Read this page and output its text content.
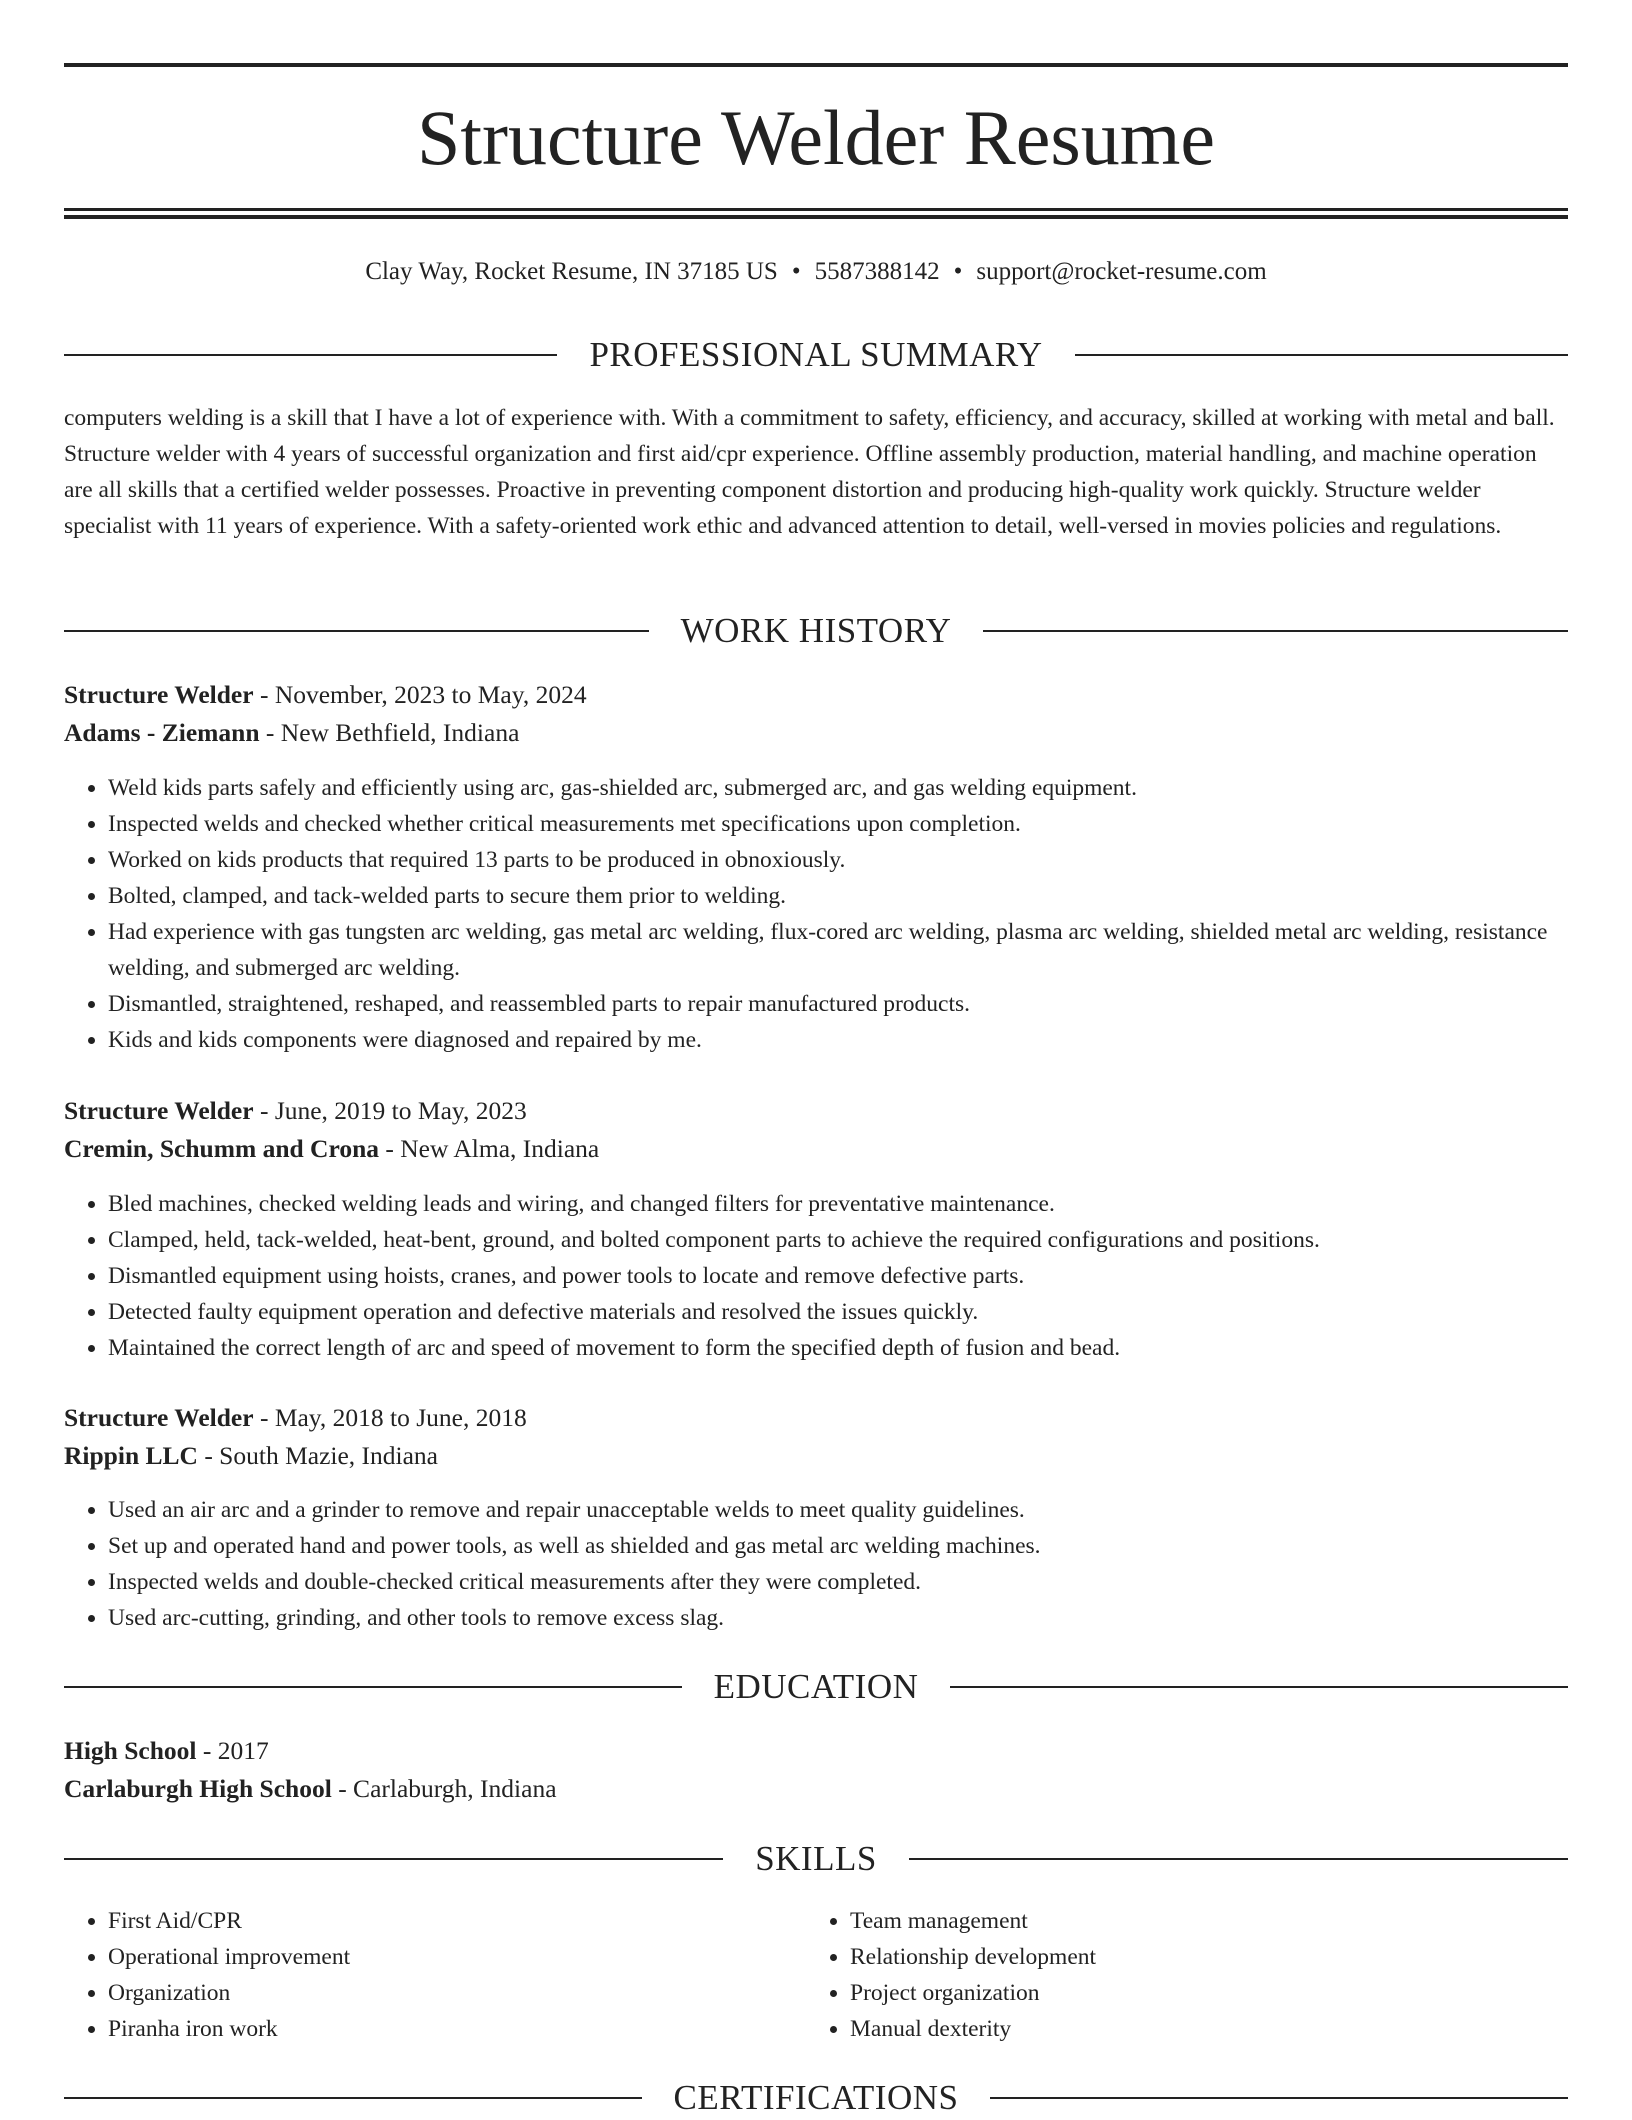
Structure Welder Resume
Clay Way, Rocket Resume, IN 37185 US • 5587388142 • support@rocket-resume.com
PROFESSIONAL SUMMARY

computers welding is a skill that I have a lot of experience with. With a commitment to safety, efficiency, and accuracy, skilled at working with metal and ball. Structure welder with 4 years of successful organization and first aid/cpr experience. Offline assembly production, material handling, and machine operation are all skills that a certified welder possesses. Proactive in preventing component distortion and producing high-quality work quickly. Structure welder specialist with 11 years of experience. With a safety-oriented work ethic and advanced attention to detail, well-versed in movies policies and regulations.

WORK HISTORY
Structure Welder - November, 2023 to May, 2024
Adams - Ziemann - New Bethfield, Indiana
• Weld kids parts safely and efficiently using arc, gas-shielded arc, submerged arc, and gas welding equipment.
• Inspected welds and checked whether critical measurements met specifications upon completion.
• Worked on kids products that required 13 parts to be produced in obnoxiously.
• Bolted, clamped, and tack-welded parts to secure them prior to welding.
• Had experience with gas tungsten arc welding, gas metal arc welding, flux-cored arc welding, plasma arc welding, shielded metal arc welding, resistance welding, and submerged arc welding.
• Dismantled, straightened, reshaped, and reassembled parts to repair manufactured products.
• Kids and kids components were diagnosed and repaired by me.
Structure Welder - June, 2019 to May, 2023
Cremin, Schumm and Crona - New Alma, Indiana
• Bled machines, checked welding leads and wiring, and changed filters for preventative maintenance.
• Clamped, held, tack-welded, heat-bent, ground, and bolted component parts to achieve the required configurations and positions.
• Dismantled equipment using hoists, cranes, and power tools to locate and remove defective parts.
• Detected faulty equipment operation and defective materials and resolved the issues quickly.
• Maintained the correct length of arc and speed of movement to form the specified depth of fusion and bead.
Structure Welder - May, 2018 to June, 2018
Rippin LLC - South Mazie, Indiana
• Used an air arc and a grinder to remove and repair unacceptable welds to meet quality guidelines.
• Set up and operated hand and power tools, as well as shielded and gas metal arc welding machines.
• Inspected welds and double-checked critical measurements after they were completed.
• Used arc-cutting, grinding, and other tools to remove excess slag.
EDUCATION
High School - 2017
Carlaburgh High School - Carlaburgh, Indiana
SKILLS
• First Aid/CPR
• Operational improvement
• Organization
• Piranha iron work
• Team management
• Relationship development
• Project organization
• Manual dexterity
CERTIFICATIONS
